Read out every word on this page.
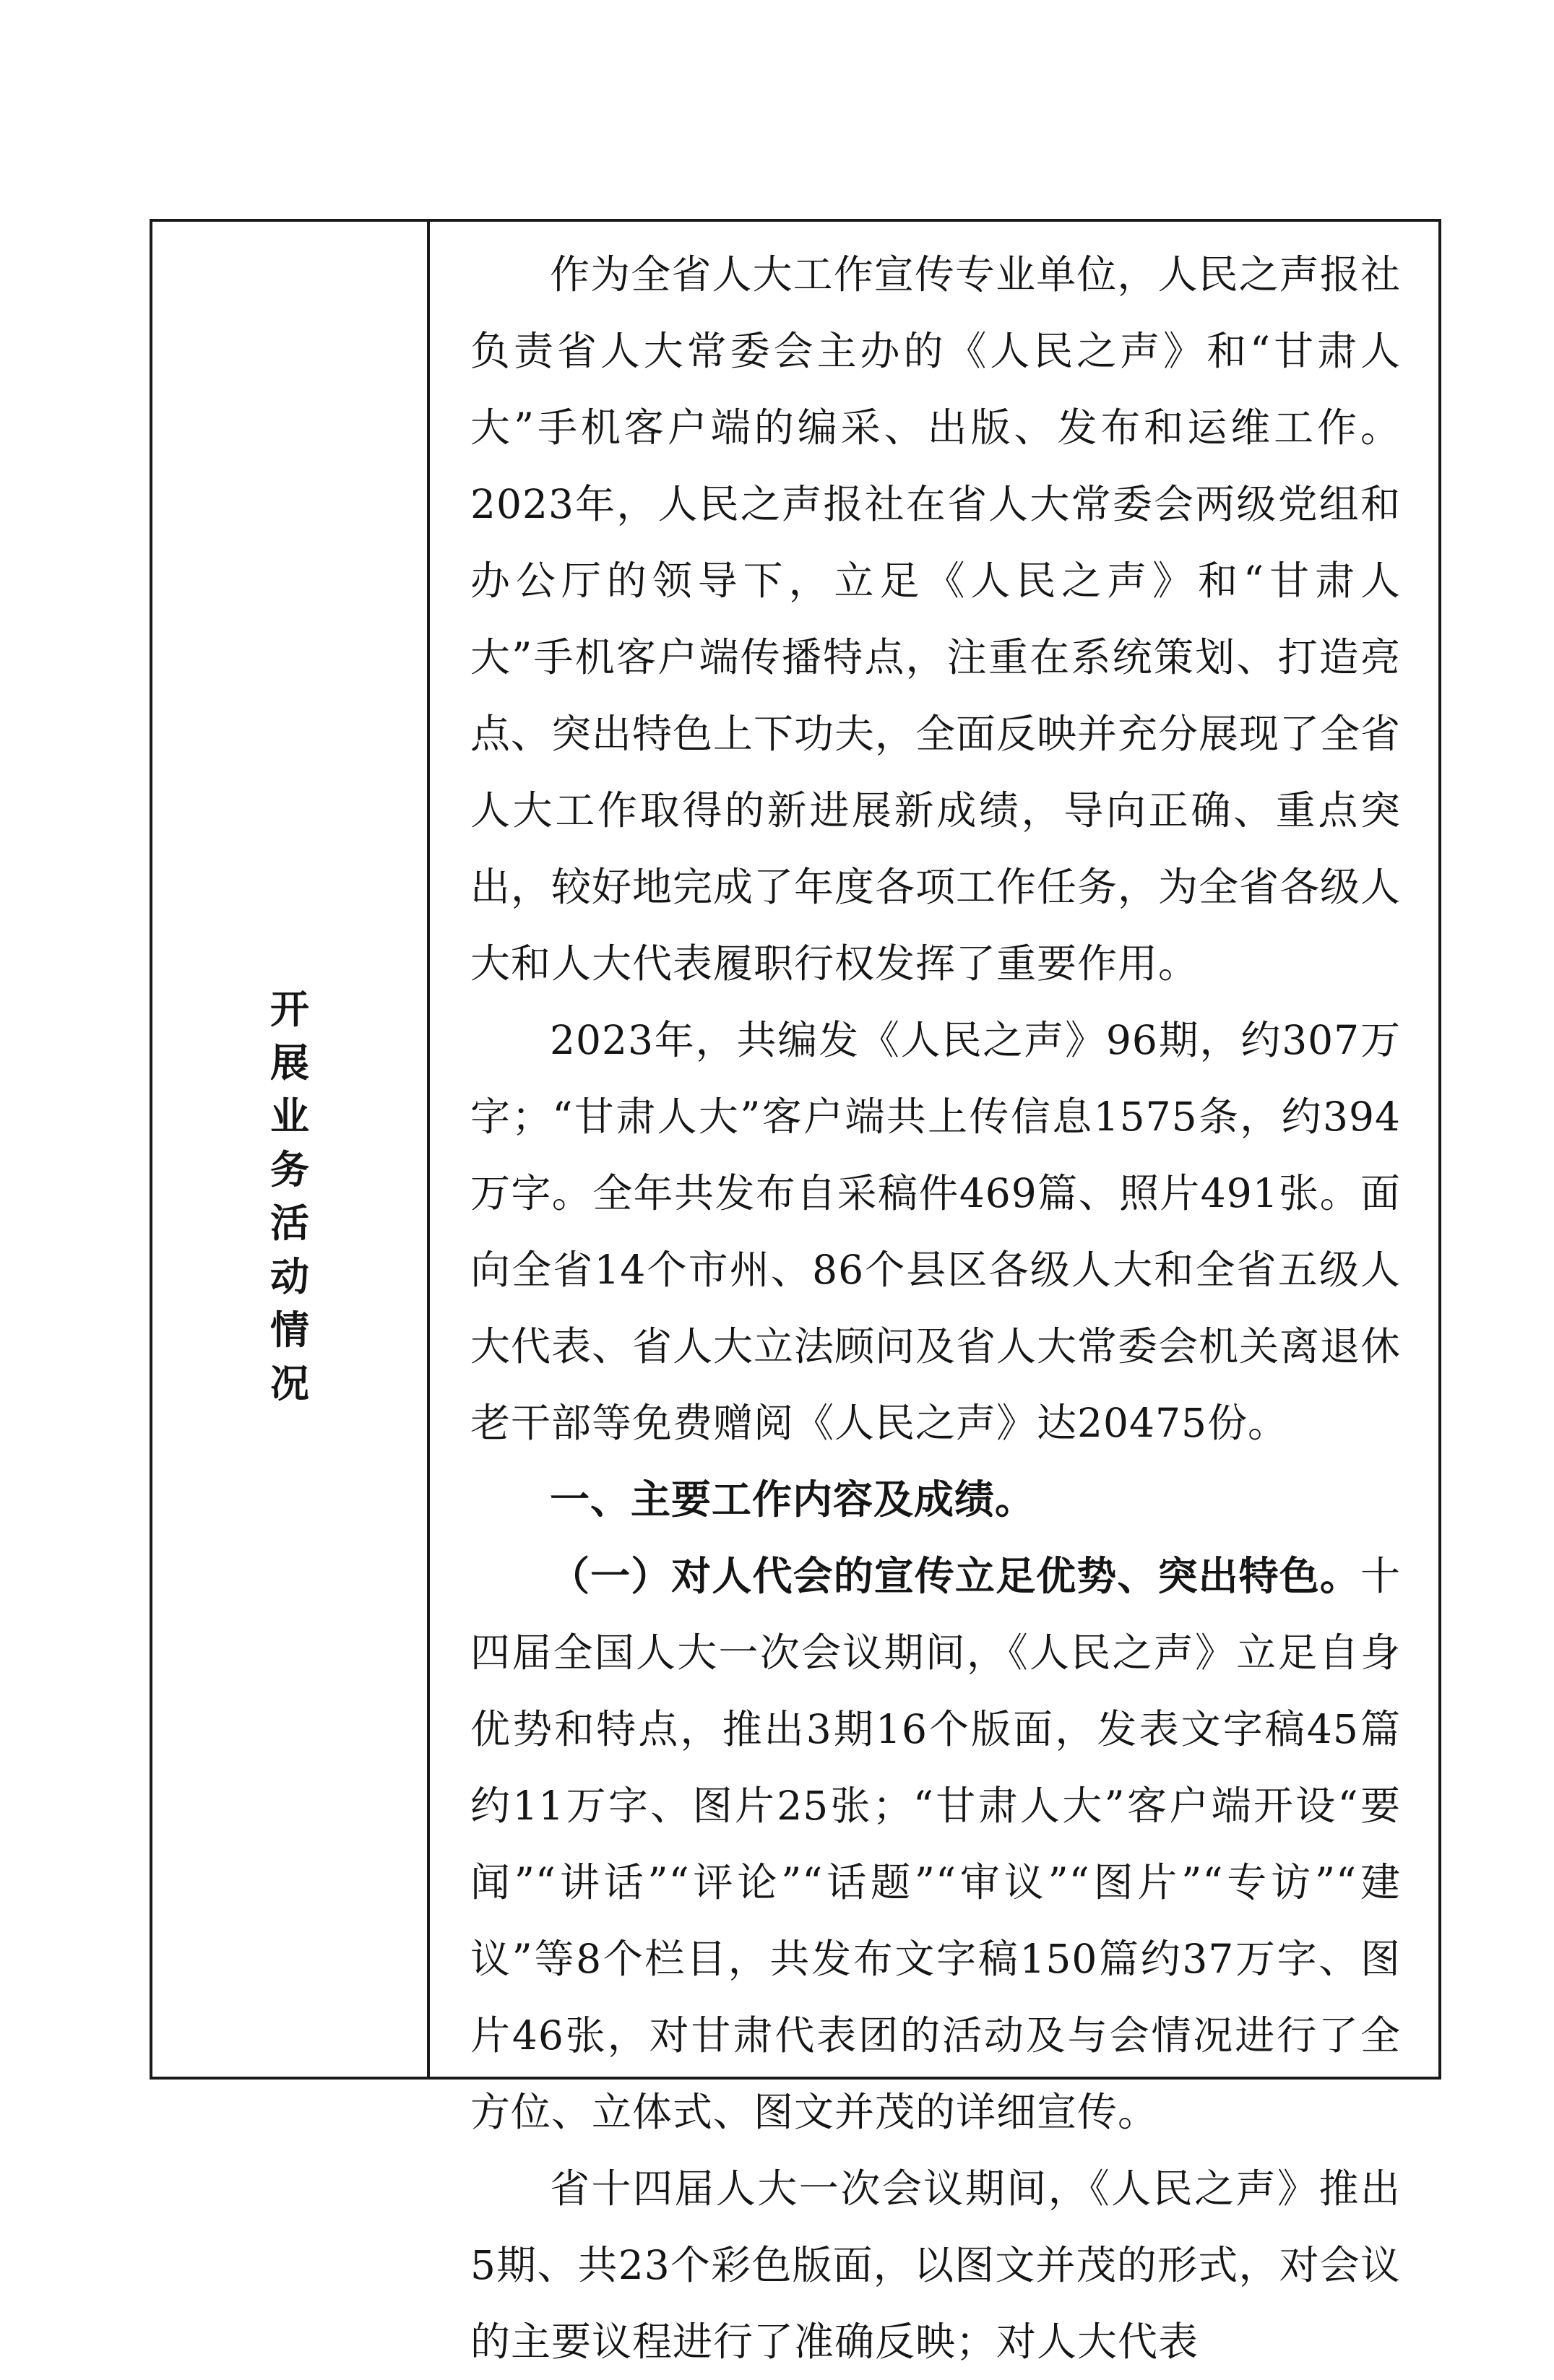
开
展
业
务
活
动
情
况

作为全省人大工作宣传专业单位，人民之声报社负责省人大常委会主办的《人民之声》和“甘肃人大”手机客户端的编采、出版、发布和运维工作。2023年，人民之声报社在省人大常委会两级党组和办公厅的领导下，立足《人民之声》和“甘肃人大”手机客户端传播特点，注重在系统策划、打造亮点、突出特色上下功夫，全面反映并充分展现了全省人大工作取得的新进展新成绩，导向正确、重点突出，较好地完成了年度各项工作任务，为全省各级人大和人大代表履职行权发挥了重要作用。

2023年，共编发《人民之声》96期，约307万字；“甘肃人大”客户端共上传信息1575条，约394万字。全年共发布自采稿件469篇、照片491张。面向全省14个市州、86个县区各级人大和全省五级人大代表、省人大立法顾问及省人大常委会机关离退休老干部等免费赠阅《人民之声》达20475份。

一、主要工作内容及成绩。

（一）对人代会的宣传立足优势、突出特色。十四届全国人大一次会议期间，《人民之声》立足自身优势和特点，推出3期16个版面，发表文字稿45篇约11万字、图片25张；“甘肃人大”客户端开设“要闻”“讲话”“评论”“话题”“审议”“图片”“专访”“建议”等8个栏目，共发布文字稿150篇约37万字、图片46张，对甘肃代表团的活动及与会情况进行了全方位、立体式、图文并茂的详细宣传。

省十四届人大一次会议期间，《人民之声》推出5期、共23个彩色版面，以图文并茂的形式，对会议的主要议程进行了准确反映；对人大代表
